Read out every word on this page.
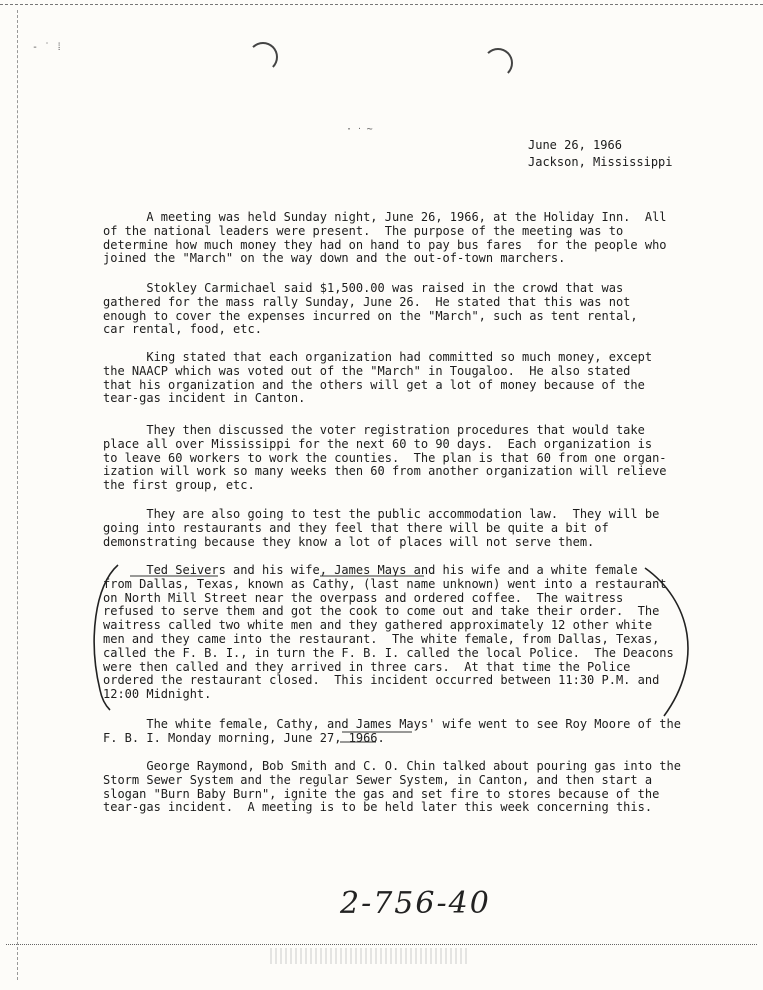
- ˙ ⁞
· ᐧ ~
June 26, 1966
Jackson, Mississippi

A meeting was held Sunday night, June 26, 1966, at the Holiday Inn.  All
of the national leaders were present.  The purpose of the meeting was to
determine how much money they had on hand to pay bus fares  for the people who
joined the "March" on the way down and the out-of-town marchers.

Stokley Carmichael said $1,500.00 was raised in the crowd that was
gathered for the mass rally Sunday, June 26.  He stated that this was not
enough to cover the expenses incurred on the "March", such as tent rental,
car rental, food, etc.

King stated that each organization had committed so much money, except
the NAACP which was voted out of the "March" in Tougaloo.  He also stated
that his organization and the others will get a lot of money because of the
tear-gas incident in Canton.

They then discussed the voter registration procedures that would take
place all over Mississippi for the next 60 to 90 days.  Each organization is
to leave 60 workers to work the counties.  The plan is that 60 from one organ-
ization will work so many weeks then 60 from another organization will relieve
the first group, etc.

They are also going to test the public accommodation law.  They will be
going into restaurants and they feel that there will be quite a bit of
demonstrating because they know a lot of places will not serve them.

Ted Seivers and his wife, James Mays and his wife and a white female
from Dallas, Texas, known as Cathy, (last name unknown) went into a restaurant
on North Mill Street near the overpass and ordered coffee.  The waitress
refused to serve them and got the cook to come out and take their order.  The
waitress called two white men and they gathered approximately 12 other white
men and they came into the restaurant.  The white female, from Dallas, Texas,
called the F. B. I., in turn the F. B. I. called the local Police.  The Deacons
were then called and they arrived in three cars.  At that time the Police
ordered the restaurant closed.  This incident occurred between 11:30 P.M. and
12:00 Midnight.

The white female, Cathy, and James Mays' wife went to see Roy Moore of the
F. B. I. Monday morning, June 27, 1966.

George Raymond, Bob Smith and C. O. Chin talked about pouring gas into the
Storm Sewer System and the regular Sewer System, in Canton, and then start a
slogan "Burn Baby Burn", ignite the gas and set fire to stores because of the
tear-gas incident.  A meeting is to be held later this week concerning this.

2-756-40
